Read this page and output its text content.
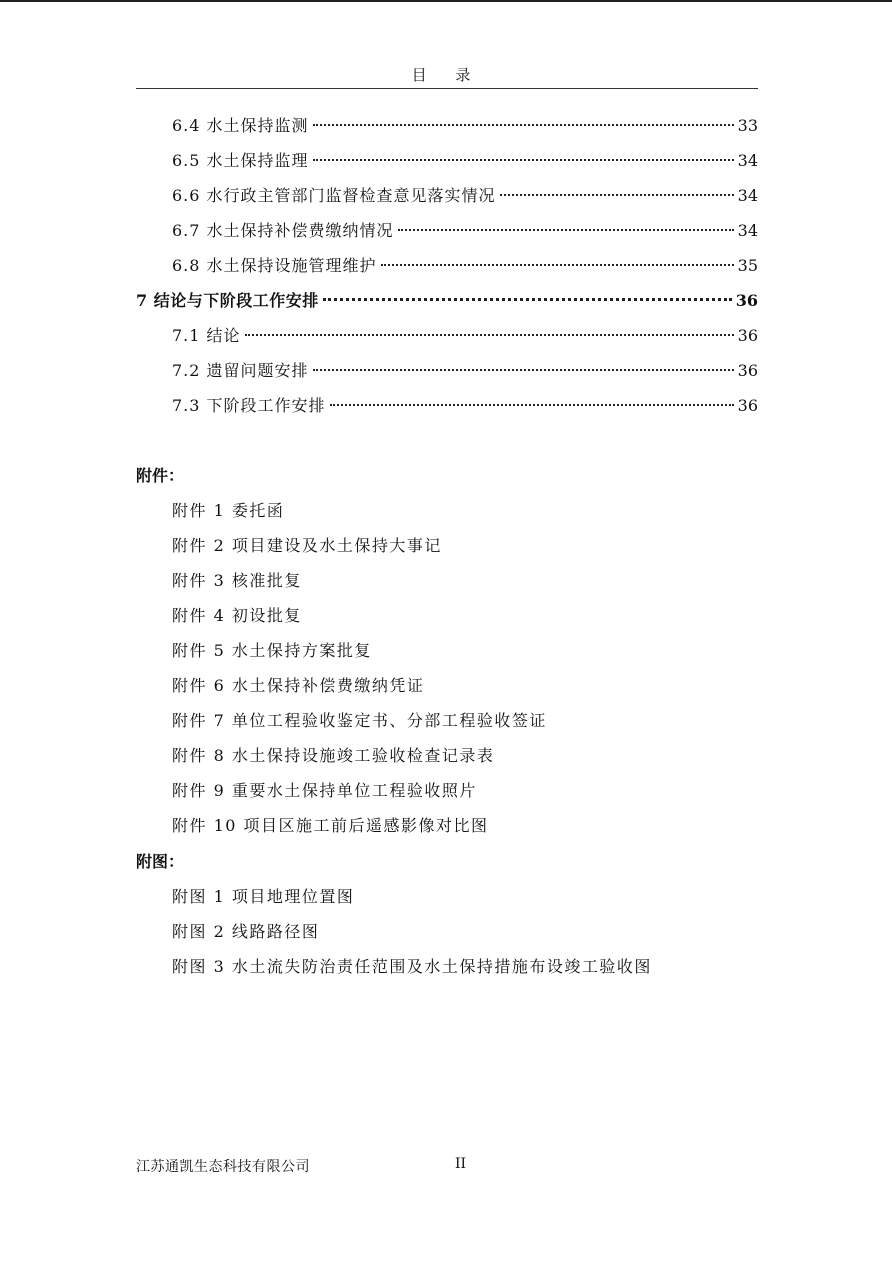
目 录
6.4 水土保持监测	33
6.5 水土保持监理	34
6.6 水行政主管部门监督检查意见落实情况	34
6.7 水土保持补偿费缴纳情况	34
6.8 水土保持设施管理维护	35
7 结论与下阶段工作安排	36
7.1 结论	36
7.2 遗留问题安排	36
7.3 下阶段工作安排	36
附件：
附件 1 委托函
附件 2 项目建设及水土保持大事记
附件 3 核准批复
附件 4 初设批复
附件 5 水土保持方案批复
附件 6 水土保持补偿费缴纳凭证
附件 7 单位工程验收鉴定书、分部工程验收签证
附件 8 水土保持设施竣工验收检查记录表
附件 9 重要水土保持单位工程验收照片
附件 10 项目区施工前后遥感影像对比图
附图：
附图 1 项目地理位置图
附图 2 线路路径图
附图 3 水土流失防治责任范围及水土保持措施布设竣工验收图
江苏通凯生态科技有限公司	II
